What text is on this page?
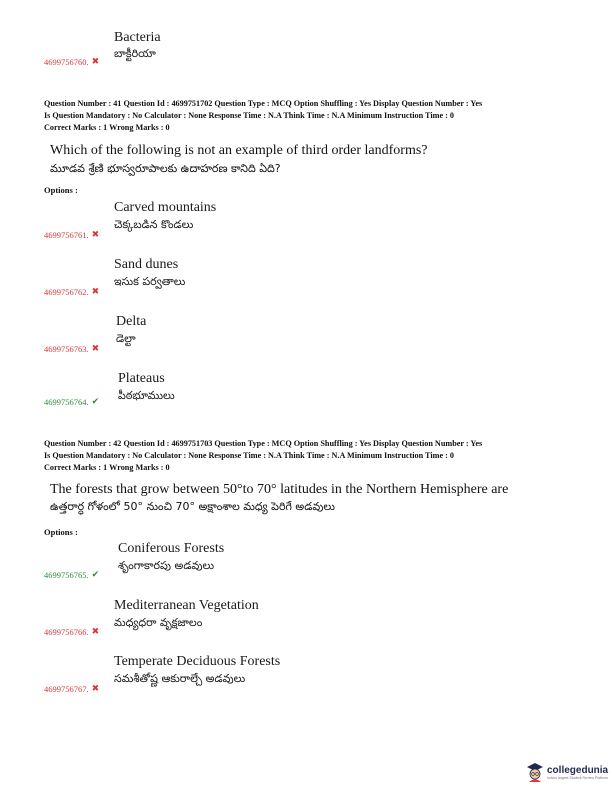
Bacteria
బాక్టీరియా
4699756760. ✖
Question Number : 41 Question Id : 4699751702 Question Type : MCQ Option Shuffling : Yes Display Question Number : Yes
Is Question Mandatory : No Calculator : None Response Time : N.A Think Time : N.A Minimum Instruction Time : 0
Correct Marks : 1 Wrong Marks : 0
Which of the following is not an example of third order landforms?
మూడవ శ్రేణి భూస్వరూపాలకు ఉదాహరణ కానిది ఏది?
Options :
Carved mountains
చెక్కబడిన కొండలు
4699756761. ✖
Sand dunes
ఇసుక పర్వతాలు
4699756762. ✖
Delta
డెల్టా
4699756763. ✖
Plateaus
పీఠభూములు
4699756764. ✔
Question Number : 42 Question Id : 4699751703 Question Type : MCQ Option Shuffling : Yes Display Question Number : Yes
Is Question Mandatory : No Calculator : None Response Time : N.A Think Time : N.A Minimum Instruction Time : 0
Correct Marks : 1 Wrong Marks : 0
The forests that grow between 50°to 70° latitudes in the Northern Hemisphere are
ఉత్తరార్ధ గోళంలో 50° నుంచి 70° అక్షాంశాల మధ్య పెరిగే అడవులు
Options :
Coniferous Forests
శృంగాకారపు అడవులు
4699756765. ✔
Mediterranean Vegetation
మధ్యధరా వృక్షజాలం
4699756766. ✖
Temperate Deciduous Forests
సమశీతోష్ణ ఆకురాల్చే అడవులు
4699756767. ✖
collegedunia
India's largest Student Review Platform
